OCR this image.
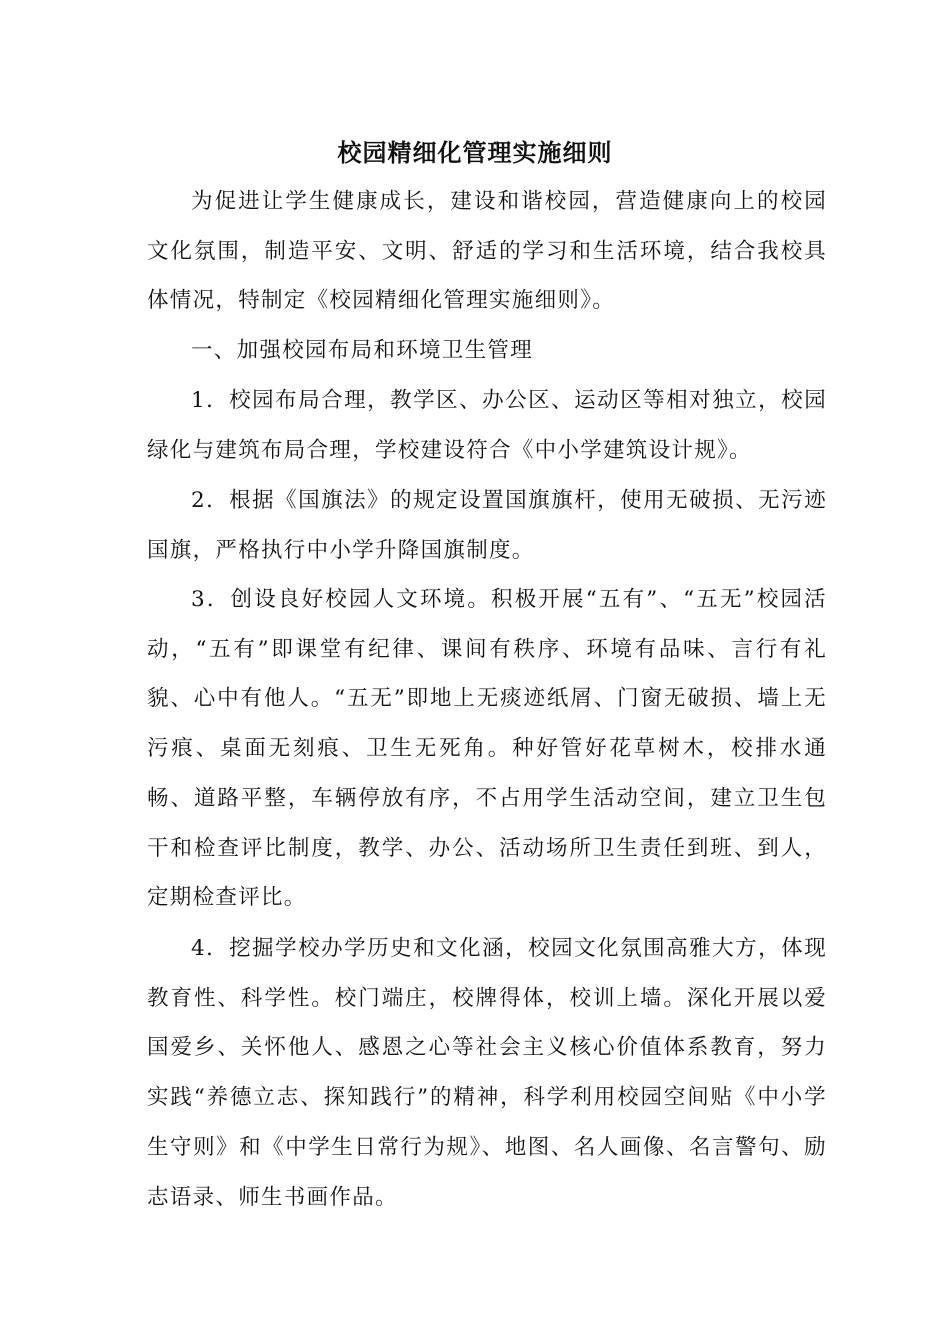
校园精细化管理实施细则

为促进让学生健康成长，建设和谐校园，营造健康向上的校园文化氛围，制造平安、文明、舒适的学习和生活环境，结合我校具体情况，特制定《校园精细化管理实施细则》。

一、加强校园布局和环境卫生管理

1．校园布局合理，教学区、办公区、运动区等相对独立，校园绿化与建筑布局合理，学校建设符合《中小学建筑设计规》。

2．根据《国旗法》的规定设置国旗旗杆，使用无破损、无污迹国旗，严格执行中小学升降国旗制度。

3．创设良好校园人文环境。积极开展“五有”、“五无”校园活动，“五有”即课堂有纪律、课间有秩序、环境有品味、言行有礼貌、心中有他人。“五无”即地上无痰迹纸屑、门窗无破损、墙上无污痕、桌面无刻痕、卫生无死角。种好管好花草树木，校排水通畅、道路平整，车辆停放有序，不占用学生活动空间，建立卫生包干和检查评比制度，教学、办公、活动场所卫生责任到班、到人，定期检查评比。

4．挖掘学校办学历史和文化涵，校园文化氛围高雅大方，体现教育性、科学性。校门端庄，校牌得体，校训上墙。深化开展以爱国爱乡、关怀他人、感恩之心等社会主义核心价值体系教育，努力实践“养德立志、探知践行”的精神，科学利用校园空间贴《中小学生守则》和《中学生日常行为规》、地图、名人画像、名言警句、励志语录、师生书画作品。
